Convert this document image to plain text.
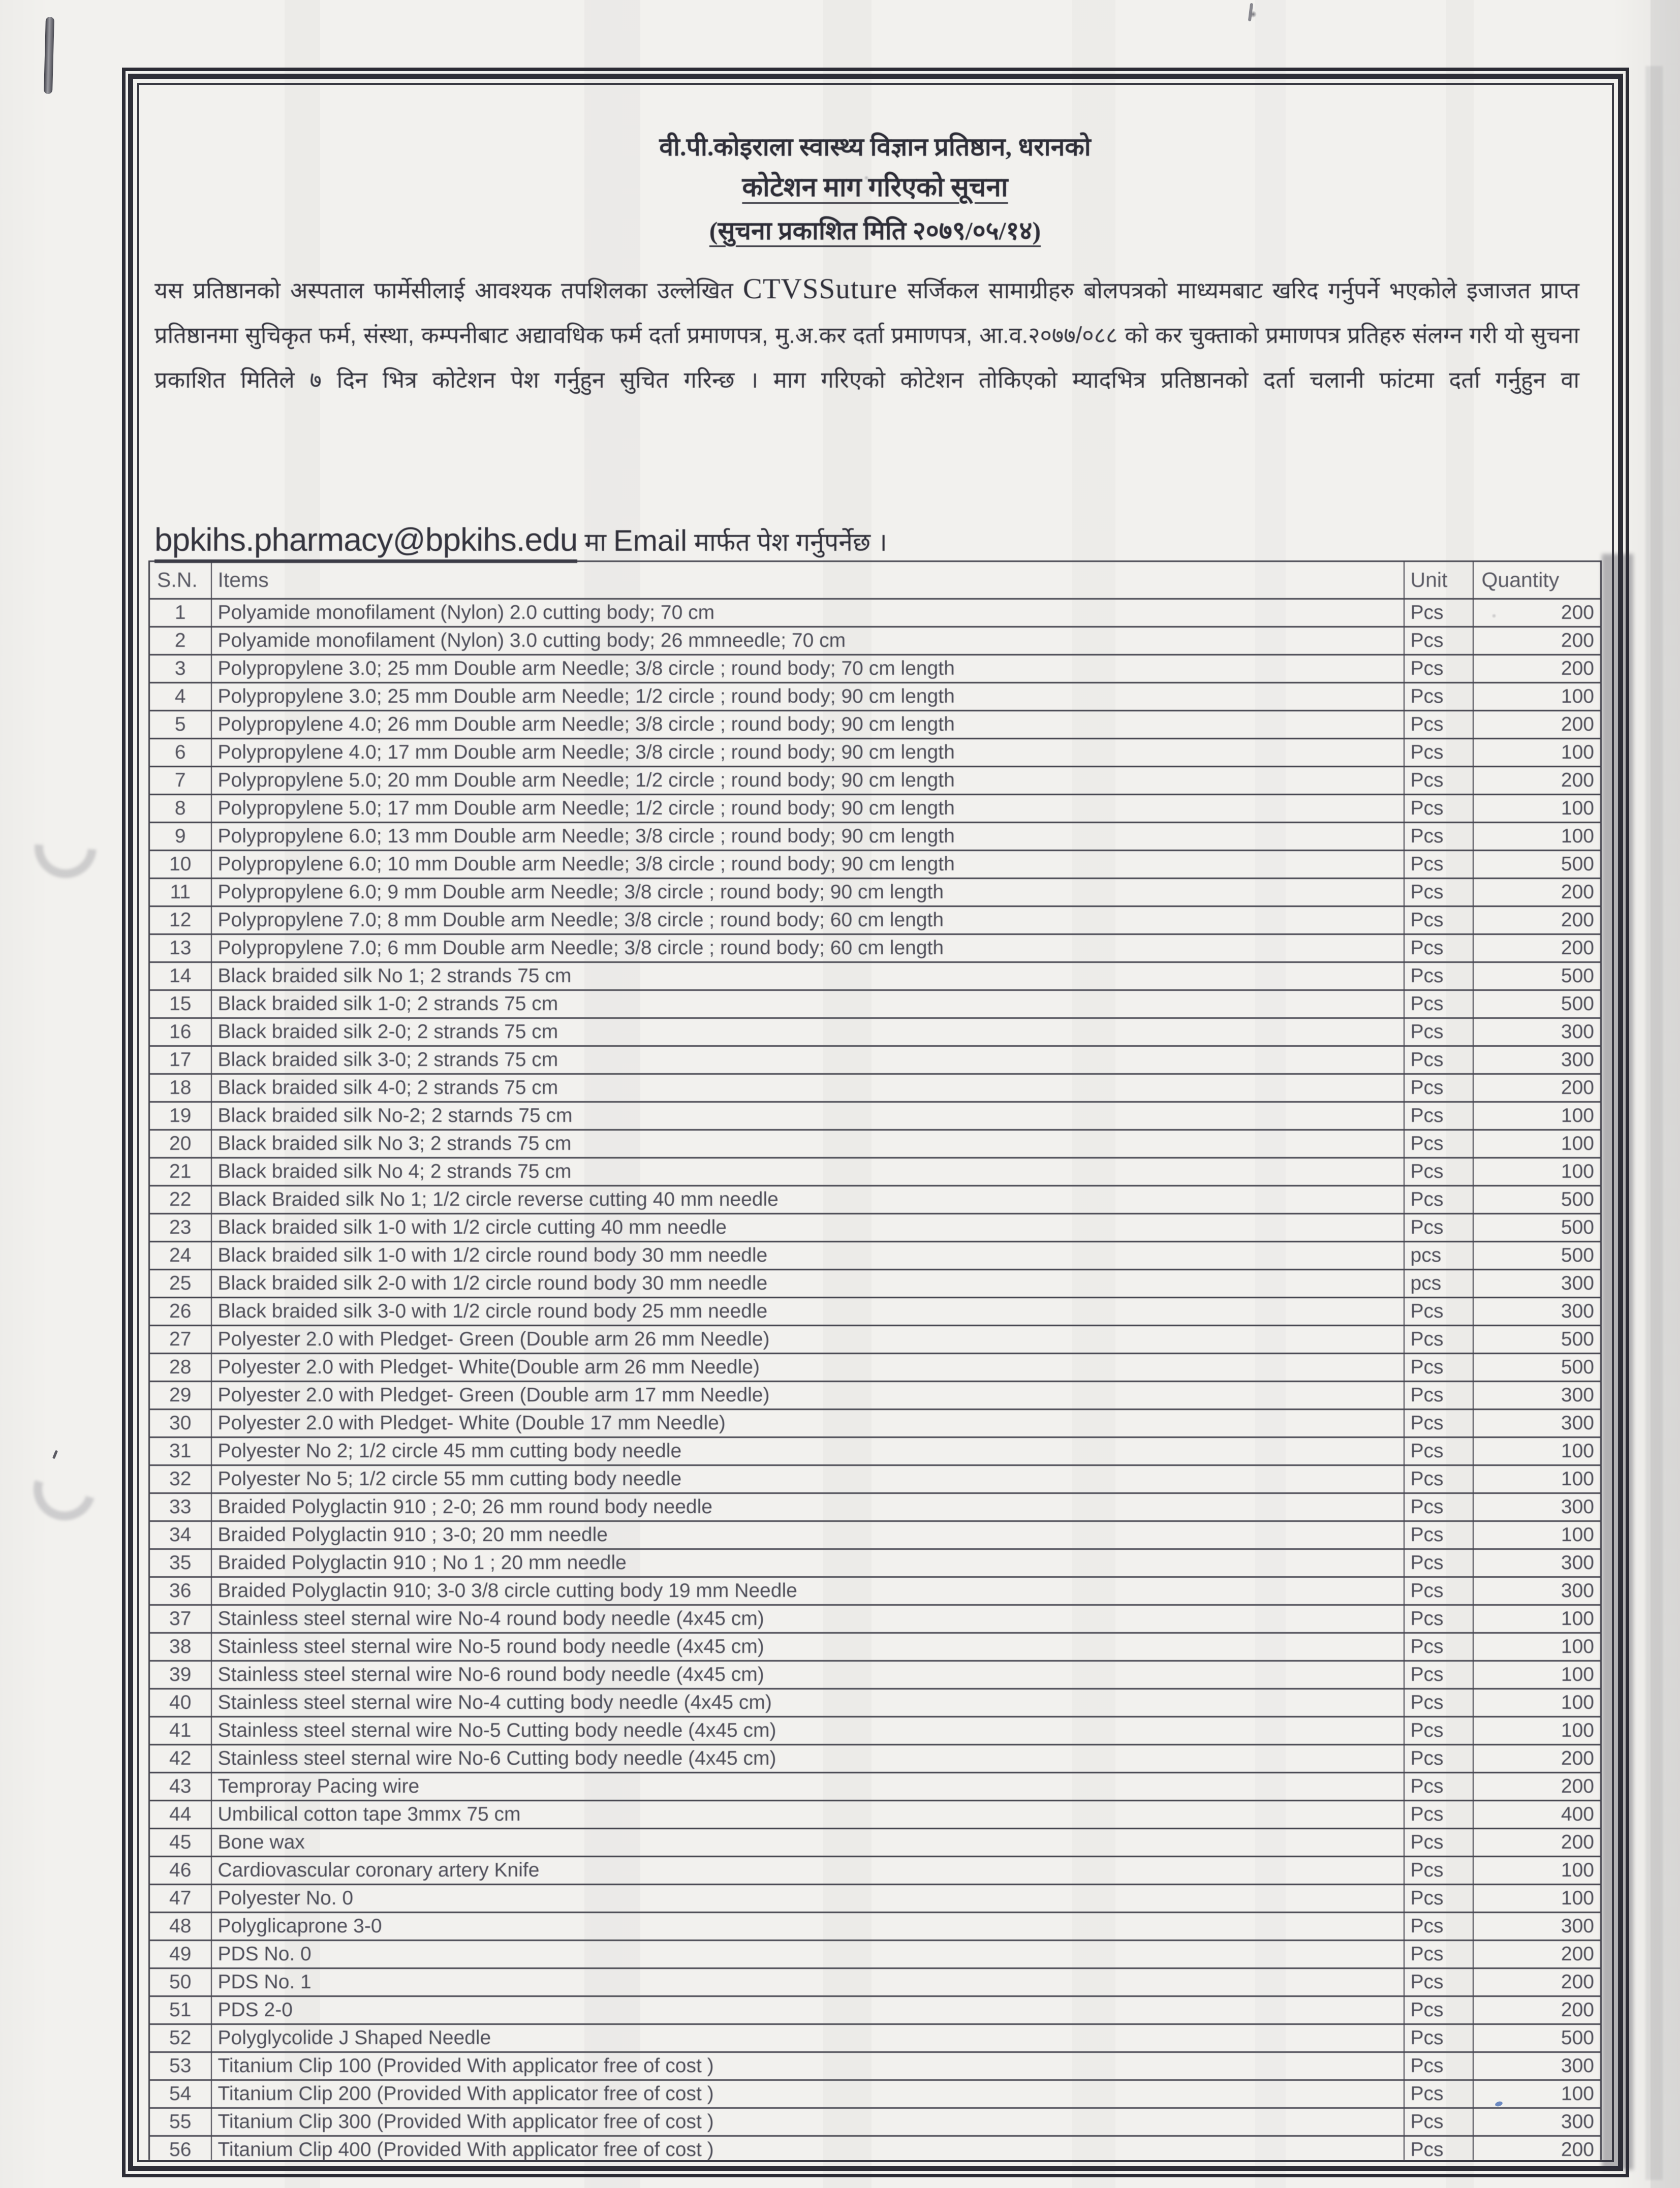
वी.पी.कोइराला स्वास्थ्य विज्ञान प्रतिष्ठान, धरानको
कोटेशन माग गरिएको सूचना
(सुचना प्रकाशित मिति २०७९/०५/१४)
यस प्रतिष्ठानको अस्पताल फार्मेसीलाई आवश्यक तपशिलका उल्लेखित CTVSSuture सर्जिकल सामाग्रीहरु बोलपत्रको माध्यमबाट खरिद गर्नुपर्ने भएकोले इजाजत प्राप्त प्रतिष्ठानमा सुचिकृत फर्म, संस्था, कम्पनीबाट अद्यावधिक फर्म दर्ता प्रमाणपत्र, मु.अ.कर दर्ता प्रमाणपत्र, आ.व.२०७७/०८८ को कर चुक्ताको प्रमाणपत्र प्रतिहरु संलग्न गरी यो सुचना प्रकाशित मितिले ७ दिन भित्र कोटेशन पेश गर्नुहुन सुचित गरिन्छ । माग गरिएको कोटेशन तोकिएको म्यादभित्र प्रतिष्ठानको दर्ता चलानी फांटमा दर्ता गर्नुहुन वा
bpkihs.pharmacy@bpkihs.edu मा Email मार्फत पेश गर्नुपर्नेछ ।
S.N.	Items	Unit	Quantity
1	Polyamide monofilament (Nylon) 2.0 cutting body; 70 cm	Pcs	200
2	Polyamide monofilament (Nylon) 3.0 cutting body; 26 mmneedle; 70 cm	Pcs	200
3	Polypropylene 3.0; 25 mm Double arm Needle; 3/8 circle ; round body; 70 cm length	Pcs	200
4	Polypropylene 3.0; 25 mm Double arm Needle; 1/2 circle ; round body; 90 cm length	Pcs	100
5	Polypropylene 4.0; 26 mm Double arm Needle; 3/8 circle ; round body; 90 cm length	Pcs	200
6	Polypropylene 4.0; 17 mm Double arm Needle; 3/8 circle ; round body; 90 cm length	Pcs	100
7	Polypropylene 5.0; 20 mm Double arm Needle; 1/2 circle ; round body; 90 cm length	Pcs	200
8	Polypropylene 5.0; 17 mm Double arm Needle; 1/2 circle ; round body; 90 cm length	Pcs	100
9	Polypropylene 6.0; 13 mm Double arm Needle; 3/8 circle ; round body; 90 cm length	Pcs	100
10	Polypropylene 6.0; 10 mm Double arm Needle; 3/8 circle ; round body; 90 cm length	Pcs	500
11	Polypropylene 6.0; 9 mm Double arm Needle; 3/8 circle ; round body; 90 cm length	Pcs	200
12	Polypropylene 7.0; 8 mm Double arm Needle; 3/8 circle ; round body; 60 cm length	Pcs	200
13	Polypropylene 7.0; 6 mm Double arm Needle; 3/8 circle ; round body; 60 cm length	Pcs	200
14	Black braided silk No 1; 2 strands 75 cm	Pcs	500
15	Black braided silk 1-0; 2 strands 75 cm	Pcs	500
16	Black braided silk 2-0; 2 strands 75 cm	Pcs	300
17	Black braided silk 3-0; 2 strands 75 cm	Pcs	300
18	Black braided silk 4-0; 2 strands 75 cm	Pcs	200
19	Black braided silk No-2; 2 starnds 75 cm	Pcs	100
20	Black braided silk No 3; 2 strands 75 cm	Pcs	100
21	Black braided silk No 4; 2 strands 75 cm	Pcs	100
22	Black Braided silk No 1; 1/2 circle reverse cutting 40 mm needle	Pcs	500
23	Black braided silk 1-0 with 1/2 circle cutting 40 mm needle	Pcs	500
24	Black braided silk 1-0 with 1/2 circle round body 30 mm needle	pcs	500
25	Black braided silk 2-0 with 1/2 circle round body 30 mm needle	pcs	300
26	Black braided silk 3-0 with 1/2 circle round body 25 mm needle	Pcs	300
27	Polyester 2.0 with Pledget- Green (Double arm 26 mm Needle)	Pcs	500
28	Polyester 2.0 with Pledget- White(Double arm 26 mm Needle)	Pcs	500
29	Polyester 2.0 with Pledget- Green (Double arm 17 mm Needle)	Pcs	300
30	Polyester 2.0 with Pledget- White (Double 17 mm Needle)	Pcs	300
31	Polyester No 2; 1/2 circle 45 mm cutting body needle	Pcs	100
32	Polyester No 5; 1/2 circle 55 mm cutting body needle	Pcs	100
33	Braided Polyglactin 910 ; 2-0; 26 mm round body needle	Pcs	300
34	Braided Polyglactin 910 ; 3-0; 20 mm needle	Pcs	100
35	Braided Polyglactin 910 ; No 1 ; 20 mm needle	Pcs	300
36	Braided Polyglactin 910; 3-0 3/8 circle cutting body 19 mm Needle	Pcs	300
37	Stainless steel sternal wire No-4 round body needle (4x45 cm)	Pcs	100
38	Stainless steel sternal wire No-5 round body needle (4x45 cm)	Pcs	100
39	Stainless steel sternal wire No-6 round body needle (4x45 cm)	Pcs	100
40	Stainless steel sternal wire No-4 cutting body needle (4x45 cm)	Pcs	100
41	Stainless steel sternal wire No-5 Cutting body needle (4x45 cm)	Pcs	100
42	Stainless steel sternal wire No-6 Cutting body needle (4x45 cm)	Pcs	200
43	Temproray Pacing wire	Pcs	200
44	Umbilical cotton tape 3mmx 75 cm	Pcs	400
45	Bone wax	Pcs	200
46	Cardiovascular coronary artery Knife	Pcs	100
47	Polyester No. 0	Pcs	100
48	Polyglicaprone 3-0	Pcs	300
49	PDS No. 0	Pcs	200
50	PDS No. 1	Pcs	200
51	PDS 2-0	Pcs	200
52	Polyglycolide J Shaped Needle	Pcs	500
53	Titanium Clip 100 (Provided With applicator free of cost )	Pcs	300
54	Titanium Clip 200 (Provided With applicator free of cost )	Pcs	100
55	Titanium Clip 300 (Provided With applicator free of cost )	Pcs	300
56	Titanium Clip 400 (Provided With applicator free of cost )	Pcs	200
